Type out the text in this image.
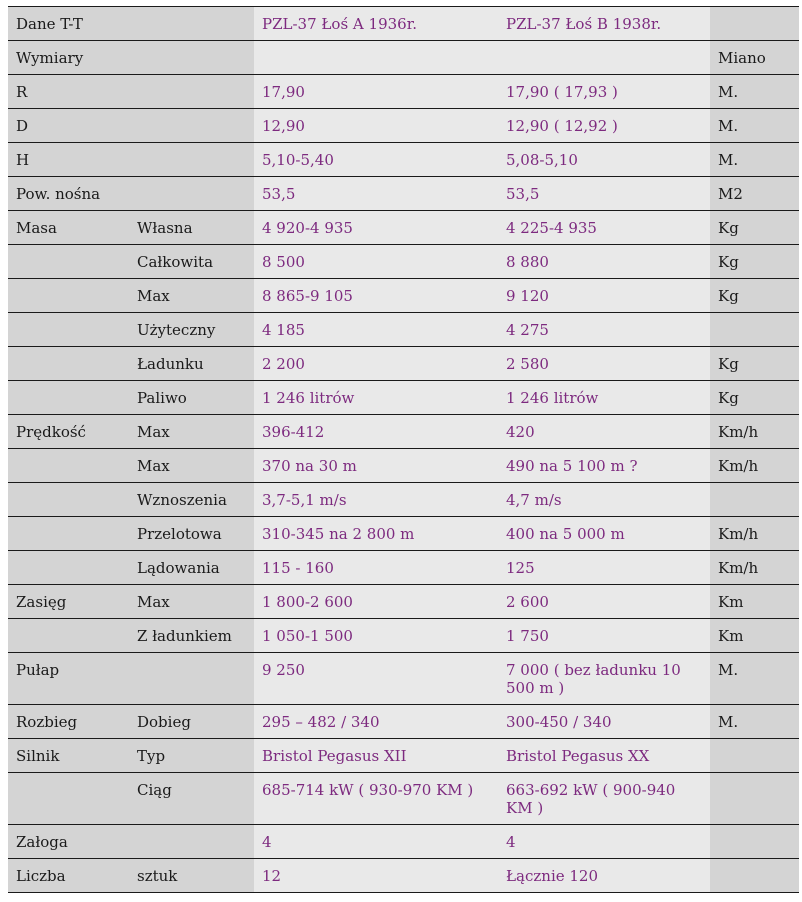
Dane T-T		PZL-37 Łoś A 1936r.	PZL-37 Łoś B 1938r.	
Wymiary				Miano
R		17,90	17,90 ( 17,93 )	M.
D		12,90	12,90 ( 12,92 )	M.
H		5,10-5,40	5,08-5,10	M.
Pow. nośna		53,5	53,5	M2
Masa	Własna	4 920-4 935	4 225-4 935	Kg
	Całkowita	8 500	8 880	Kg
	Max	8 865-9 105	9 120	Kg
	Użyteczny	4 185	4 275	
	Ładunku	2 200	2 580	Kg
	Paliwo	1 246 litrów	1 246 litrów	Kg
Prędkość	Max	396-412	420	Km/h
	Max	370 na 30 m	490 na 5 100 m ?	Km/h
	Wznoszenia	3,7-5,1 m/s	4,7 m/s	
	Przelotowa	310-345 na 2 800 m	400 na 5 000 m	Km/h
	Lądowania	115 - 160	125	Km/h
Zasięg	Max	1 800-2 600	2 600	Km
	Z ładunkiem	1 050-1 500	1 750	Km
Pułap		9 250	7 000 ( bez ładunku 10 500 m )	M.
Rozbieg	Dobieg	295 – 482 / 340	300-450 / 340	M.
Silnik	Typ	Bristol Pegasus XII	Bristol Pegasus XX	
	Ciąg	685-714 kW ( 930-970 KM )	663-692 kW ( 900-940 KM )	
Załoga		4	4	
Liczba	sztuk	12	Łącznie 120	
